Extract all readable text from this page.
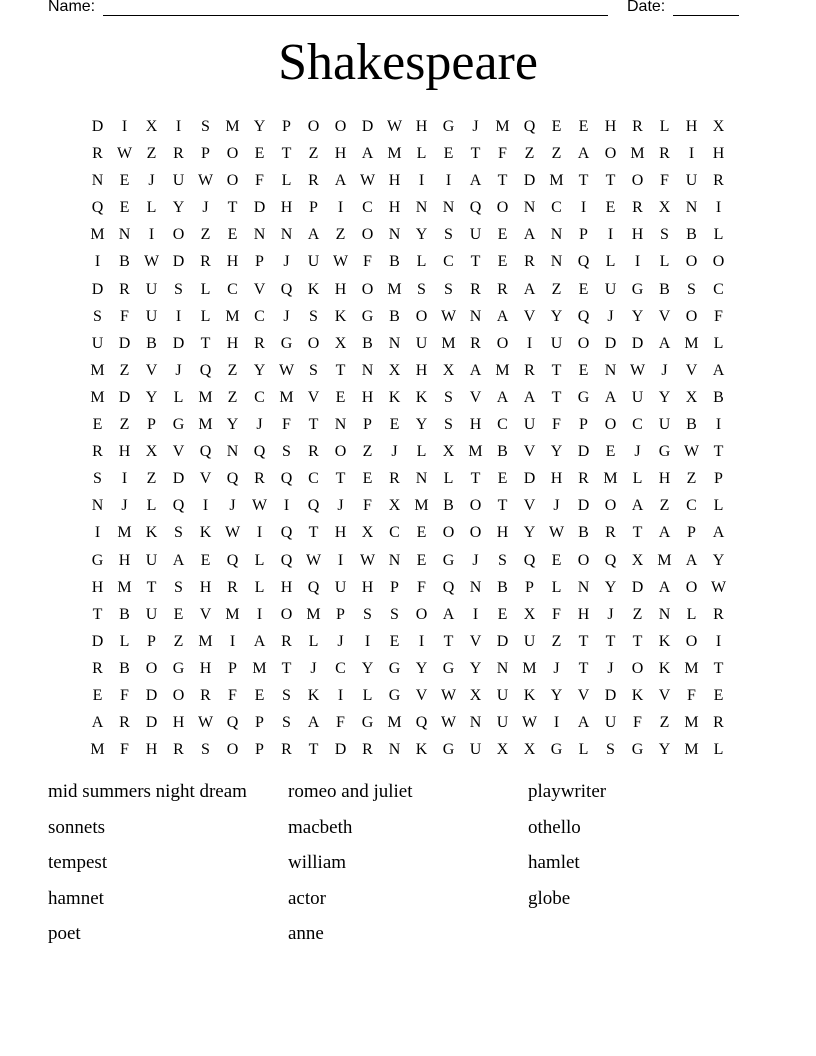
Name:	Date:
Shakespeare
D	I	X	I	S M Y	P	O O D W H G	J	M Q	E	E	H R	L	H X
R W Z	R	P	O	E	T	Z	H A M L	E	T	F	Z	Z	A O M R	I	H
N	E	J	U W O	F	L	R A W H	I	I	A	T	D M T	T	O	F	U R
Q	E	L	Y	J	T	D H	P	I	C H N N Q O N C	I	E	R X N	I
M N	I	O	Z	E	N N A	Z	O N Y	S	U	E	A N	P	I	H	S	B	L
I	B W D R H	P	J	U W F	B	L	C	T	E	R N Q	L	I	L	O O
D R U	S	L	C V Q K H O M S	S	R	R A	Z	E	U G B	S	C
S	F	U	I	L M C	J	S	K G B O W N A V Y Q	J	Y V O	F
U D B D	T	H R G O X B N U M R O	I	U O D D A M L
M Z	V	J	Q	Z	Y W S	T	N X H X A M R	T	E	N W	J	V A
M D Y	L M Z	C M V	E	H K K	S	V A A	T	G A U Y X B
E	Z	P	G M Y	J	F	T	N	P	E	Y	S	H C U	F	P	O C U B	I
R H X V Q N Q	S	R O	Z	J	L	X M B V Y D	E	J	G W T
S	I	Z	D V Q R Q C	T	E	R N	L	T	E	D H R M L	H	Z	P
N	J	L	Q	I	J	W	I	Q	J	F	X M B O	T	V	J	D O A	Z	C	L
I	M K	S	K W	I	Q	T	H X C	E	O O H Y W B	R	T	A	P	A
G H U A	E	Q	L	Q W	I	W N	E	G	J	S	Q	E	O Q X M A Y
H M T	S	H R	L	H Q U H	P	F	Q N B	P	L	N Y D A O W
T	B U	E	V M	I	O M P	S	S	O A	I	E	X	F	H	J	Z	N	L	R
D	L	P	Z M	I	A R	L	J	I	E	I	T	V D U	Z	T	T	T	K O	I
R	B O G H	P M T	J	C Y G Y G Y N M	J	T	J	O K M T
E	F	D O R	F	E	S	K	I	L	G V W X U K Y V D K V	F	E
A R D H W Q	P	S	A	F	G M Q W N U W	I	A U	F	Z M R
M F	H R	S	O	P	R	T	D R N K G U X X G	L	S	G Y M L
mid summers night dream	romeo and juliet	playwriter
sonnets	macbeth	othello
tempest	william	hamlet
hamnet	actor	globe
poet	anne
